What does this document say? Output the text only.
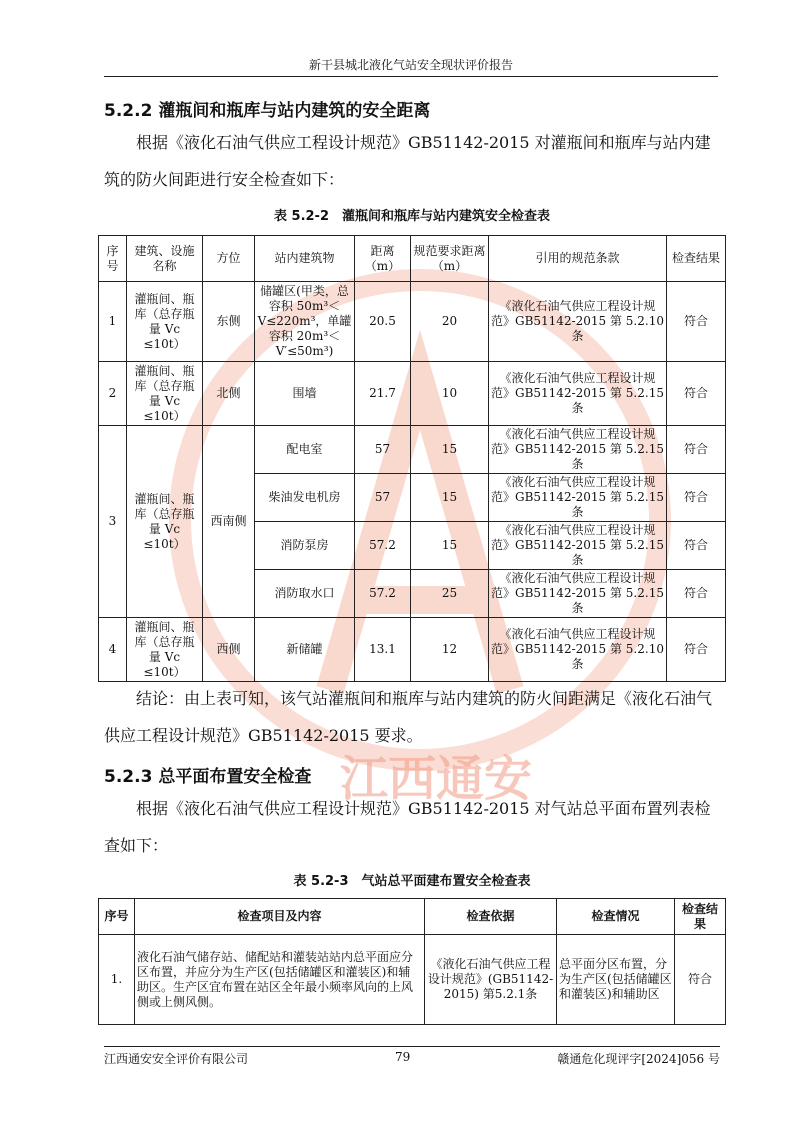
江西通安
新干县城北液化气站安全现状评价报告
5.2.2 灌瓶间和瓶库与站内建筑的安全距离

根据《液化石油气供应工程设计规范》GB51142-2015 对灌瓶间和瓶库与站内建筑的防火间距进行安全检查如下：

表 5.2-2　灌瓶间和瓶库与站内建筑安全检查表
序号	建筑、设施名称	方位	站内建筑物	距离（m）	规范要求距离（m）	引用的规范条款	检查结果
1	灌瓶间、瓶库（总存瓶量 Vc ≤10t）	东侧	储罐区(甲类，总容积 50m³＜ V≤220m³，单罐容积 20m³＜ V′≤50m³)	20.5	20	《液化石油气供应工程设计规范》GB51142-2015 第 5.2.10 条	符合
2	灌瓶间、瓶库（总存瓶量 Vc ≤10t）	北侧	围墙	21.7	10	《液化石油气供应工程设计规范》GB51142-2015 第 5.2.15 条	符合
3	灌瓶间、瓶库（总存瓶量 Vc ≤10t）	西南侧	配电室	57	15	《液化石油气供应工程设计规范》GB51142-2015 第 5.2.15 条	符合
			柴油发电机房	57	15	《液化石油气供应工程设计规范》GB51142-2015 第 5.2.15 条	符合
			消防泵房	57.2	15	《液化石油气供应工程设计规范》GB51142-2015 第 5.2.15 条	符合
			消防取水口	57.2	25	《液化石油气供应工程设计规范》GB51142-2015 第 5.2.15 条	符合
4	灌瓶间、瓶库（总存瓶量 Vc ≤10t）	西侧	新储罐	13.1	12	《液化石油气供应工程设计规范》GB51142-2015 第 5.2.10 条	符合

结论：由上表可知，该气站灌瓶间和瓶库与站内建筑的防火间距满足《液化石油气供应工程设计规范》GB51142-2015 要求。

5.2.3 总平面布置安全检查

根据《液化石油气供应工程设计规范》GB51142-2015 对气站总平面布置列表检查如下：

表 5.2-3　气站总平面建布置安全检查表
序号	检查项目及内容	检查依据	检查情况	检查结果
1.	液化石油气储存站、储配站和灌装站站内总平面应分区布置，并应分为生产区(包括储罐区和灌装区)和辅助区。生产区宜布置在站区全年最小频率风向的上风侧或上侧风侧。	《液化石油气供应工程设计规范》(GB51142-2015) 第5.2.1条	总平面分区布置，分为生产区(包括储罐区和灌装区)和辅助区	符合
江西通安安全评价有限公司	79	赣通危化现评字[2024]056 号
